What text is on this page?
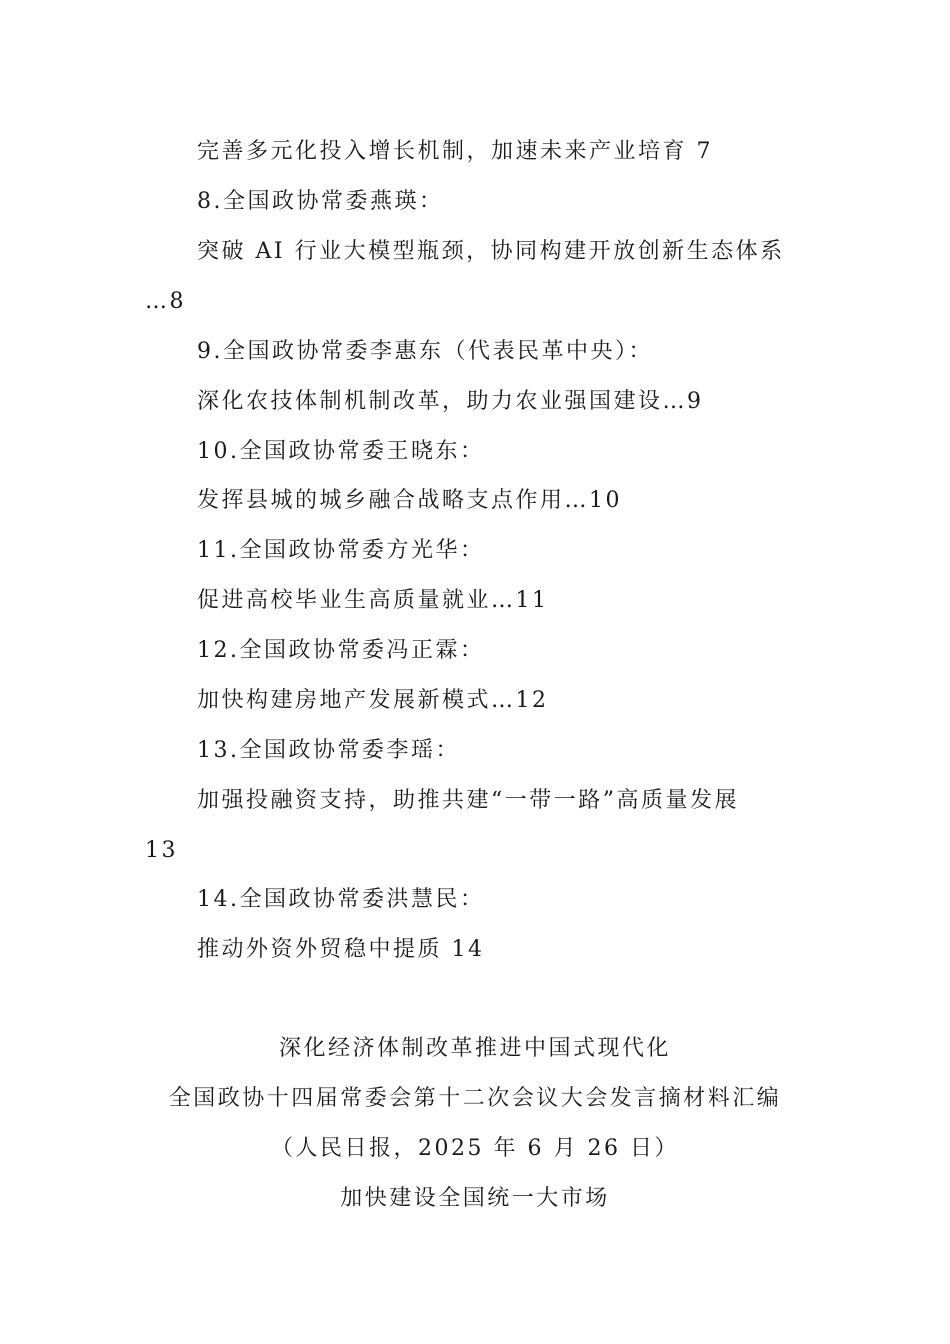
完善多元化投入增长机制，加速未来产业培育 7
8.全国政协常委燕瑛：
突破 AI 行业大模型瓶颈，协同构建开放创新生态体系
…8
9.全国政协常委李惠东（代表民革中央）：
深化农技体制机制改革，助力农业强国建设…9
10.全国政协常委王晓东：
发挥县城的城乡融合战略支点作用…10
11.全国政协常委方光华：
促进高校毕业生高质量就业…11
12.全国政协常委冯正霖：
加快构建房地产发展新模式…12
13.全国政协常委李瑶：
加强投融资支持，助推共建“一带一路”高质量发展
13
14.全国政协常委洪慧民：
推动外资外贸稳中提质 14
深化经济体制改革推进中国式现代化
全国政协十四届常委会第十二次会议大会发言摘材料汇编
（人民日报，2025 年 6 月 26 日）
加快建设全国统一大市场
